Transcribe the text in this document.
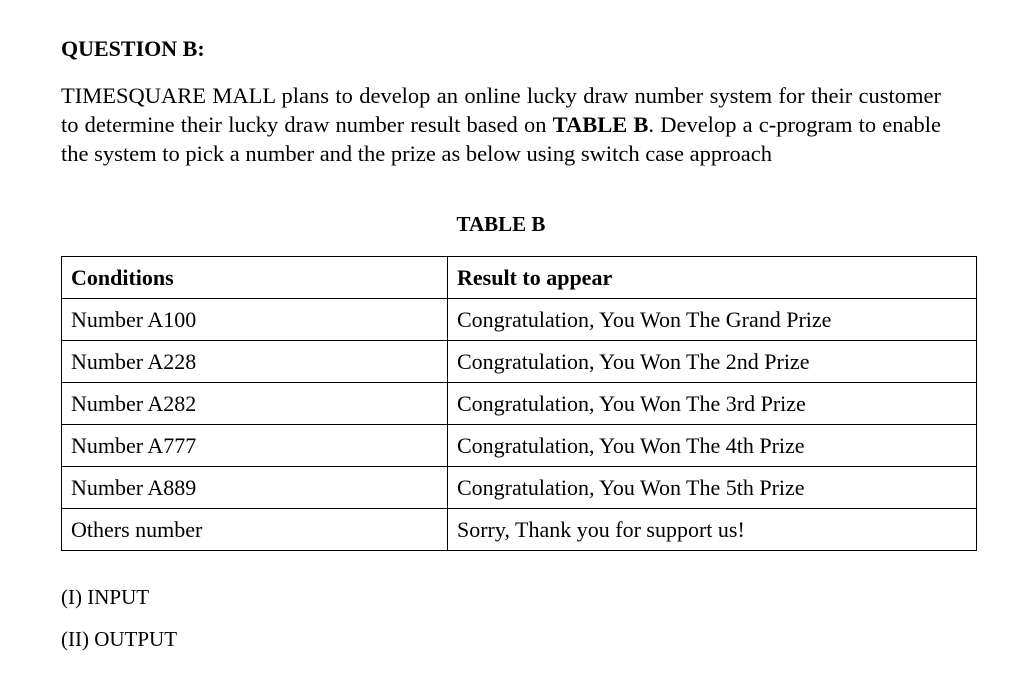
QUESTION B:

TIMESQUARE MALL plans to develop an online lucky draw number system for their customer to determine their lucky draw number result based on TABLE B. Develop a c-program to enable the system to pick a number and the prize as below using switch case approach

TABLE B
Conditions	Result to appear
Number A100	Congratulation, You Won The Grand Prize
Number A228	Congratulation, You Won The 2nd Prize
Number A282	Congratulation, You Won The 3rd Prize
Number A777	Congratulation, You Won The 4th Prize
Number A889	Congratulation, You Won The 5th Prize
Others number	Sorry, Thank you for support us!

(I) INPUT

(II) OUTPUT
